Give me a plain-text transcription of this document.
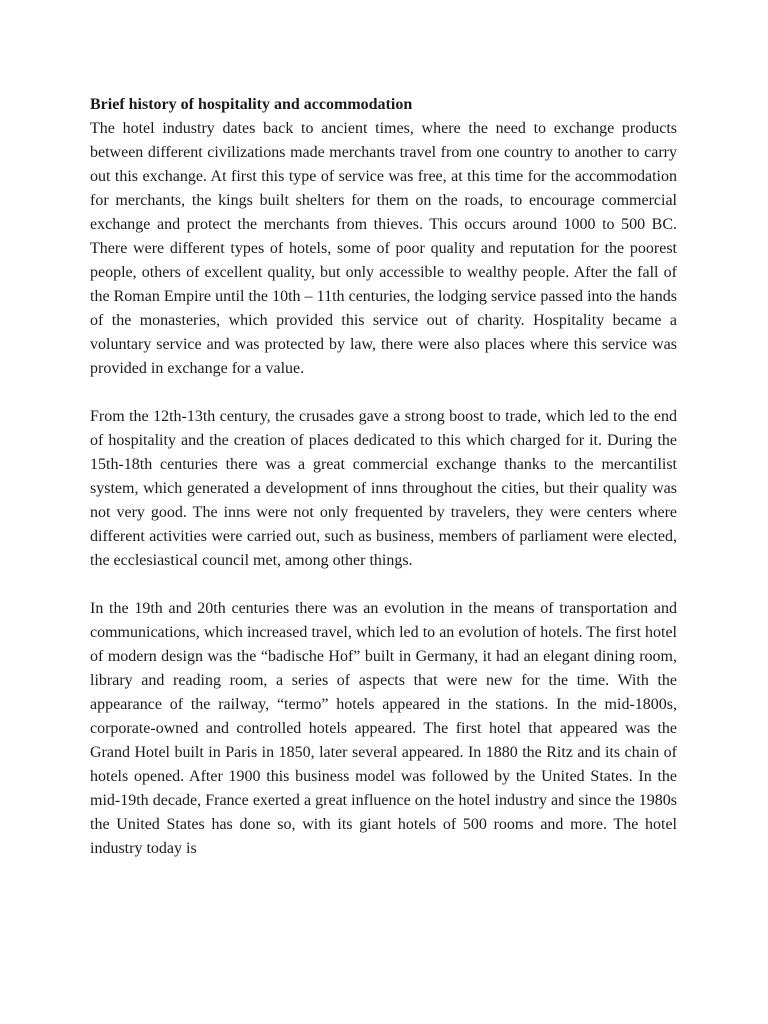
Brief history of hospitality and accommodation

The hotel industry dates back to ancient times, where the need to exchange products between different civilizations made merchants travel from one country to another to carry out this exchange. At first this type of service was free, at this time for the accommodation for merchants, the kings built shelters for them on the roads, to encourage commercial exchange and protect the merchants from thieves. This occurs around 1000 to 500 BC. There were different types of hotels, some of poor quality and reputation for the poorest people, others of excellent quality, but only accessible to wealthy people. After the fall of the Roman Empire until the 10th – 11th centuries, the lodging service passed into the hands of the monasteries, which provided this service out of charity. Hospitality became a voluntary service and was protected by law, there were also places where this service was provided in exchange for a value.

From the 12th-13th century, the crusades gave a strong boost to trade, which led to the end of hospitality and the creation of places dedicated to this which charged for it. During the 15th-18th centuries there was a great commercial exchange thanks to the mercantilist system, which generated a development of inns throughout the cities, but their quality was not very good. The inns were not only frequented by travelers, they were centers where different activities were carried out, such as business, members of parliament were elected, the ecclesiastical council met, among other things.

In the 19th and 20th centuries there was an evolution in the means of transportation and communications, which increased travel, which led to an evolution of hotels. The first hotel of modern design was the “badische Hof” built in Germany, it had an elegant dining room, library and reading room, a series of aspects that were new for the time. With the appearance of the railway, “termo” hotels appeared in the stations. In the mid-1800s, corporate-owned and controlled hotels appeared. The first hotel that appeared was the Grand Hotel built in Paris in 1850, later several appeared. In 1880 the Ritz and its chain of hotels opened. After 1900 this business model was followed by the United States. In the mid-19th decade, France exerted a great influence on the hotel industry and since the 1980s the United States has done so, with its giant hotels of 500 rooms and more. The hotel industry today is
